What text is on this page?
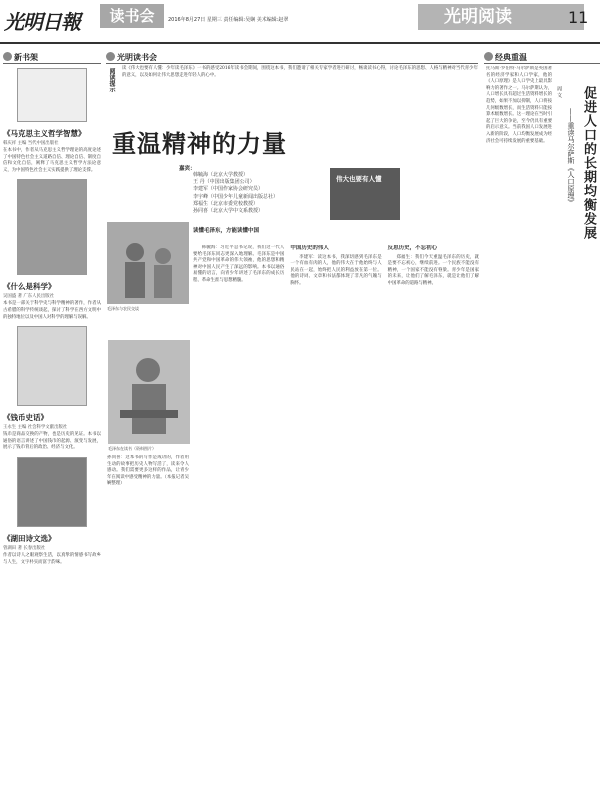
光明日報	读书会	2016年8月27日 星期三 责任编辑:吴娴 美术编辑:赵翠	光明阅读	11
新书架
《马克思主义哲学智慧》
韩庆祥 主编 当代中国出版社
在本书中，作者从马克思主义哲学理论的高度论述了中国特色社会主义道路自信、理论自信、制度自信和文化自信，阐释了马克思主义哲学方法论意义，为中国特色社会主义实践提供了理论支撑。
《什么是科学》
吴国盛 著 广东人民出版社
本书是一部关于科学史与科学精神的著作，作者从古希腊的科学传统谈起，探讨了科学在西方文明中的独特地位以及中国人对科学的理解与误解。
《钱币史话》
王永生 主编 社会科学文献出版社
钱币是商品交换的产物，也是历史的见证。本书以通俗的语言讲述了中国钱币的起源、演变与发展，展示了钱币背后的政治、经济与文化。
《湖田诗文选》
曾湖田 著 长春出版社
作者以诗人之眼观察生活，以真挚的情感书写故乡与人生，文字朴实而富于韵味。
光明读书会
阅读提示 读《伟大也要有人懂：少年读毛泽东》一书的感受2016年读书会期间，围绕这本书，我们邀请了相关专家学者进行研讨，畅谈读书心得，讨论毛泽东的思想、人格与精神对当代青少年的意义，以及如何让伟大思想走进年轻人的心中。
重温精神的力量
嘉宾：
韩毓海（北京大学教授）
王 丹（中国出版集团公司）
李建军（中国作家协会研究员）
李宇峰（中国少年儿童新闻出版总社）
郑福生（北京市委党校教授）
孙同喜（北京大学中文系教授）
伟大也要有人懂
读懂毛泽东，方能读懂中国
毛泽东与农民交谈
毛泽东在读书（资料图片）

孙同喜：这本书的写作是成功的，作者用生动的故事把历史人物写活了，读来令人感动。我们需要更多这样的作品，让青少年在阅读中感受精神的力量。（本报记者吴娴整理）

韩毓海：习近平总书记说，我们这一代人要给毛泽东同志更深入地理解。毛泽东是中国共产党和中国革命的伟大领袖，他的思想和精神对中国人民产生了深远的影响。本书以通俗易懂的语言，向青少年讲述了毛泽东的成长历程、革命生涯与思想精髓。

中国历史的伟人

李建军：读这本书，我深切感到毛泽东是一个有血有肉的人，他的伟大在于他始终与人民站在一起，始终把人民的利益放在第一位。他的诗词、文章和书法都体现了非凡的气魄与胸怀。

反思历史，不忘初心

郑福生：我们今天重温毛泽东的历史，就是要不忘初心，继续前进。一个民族不能没有精神，一个国家不能没有脊梁。青少年是国家的未来，让他们了解毛泽东，就是让他们了解中国革命的道路与精神。

经典重温
托马斯·罗伯特·马尔萨斯是英国著名的经济学家和人口学家，他的《人口原理》是人口学史上最具影响力的著作之一。马尔萨斯认为，人口增长具有超过生活资料增长的趋势，如果不加以抑制，人口将按几何级数增长，而生活资料只能按算术级数增长。这一理论在当时引起了巨大的争论，至今仍具有重要的启示意义。当前我国人口发展进入新的阶段，人口均衡发展成为经济社会可持续发展的重要基础。	促进人口的长期均衡发展
——重读马尔萨斯《人口原理》
周 文
